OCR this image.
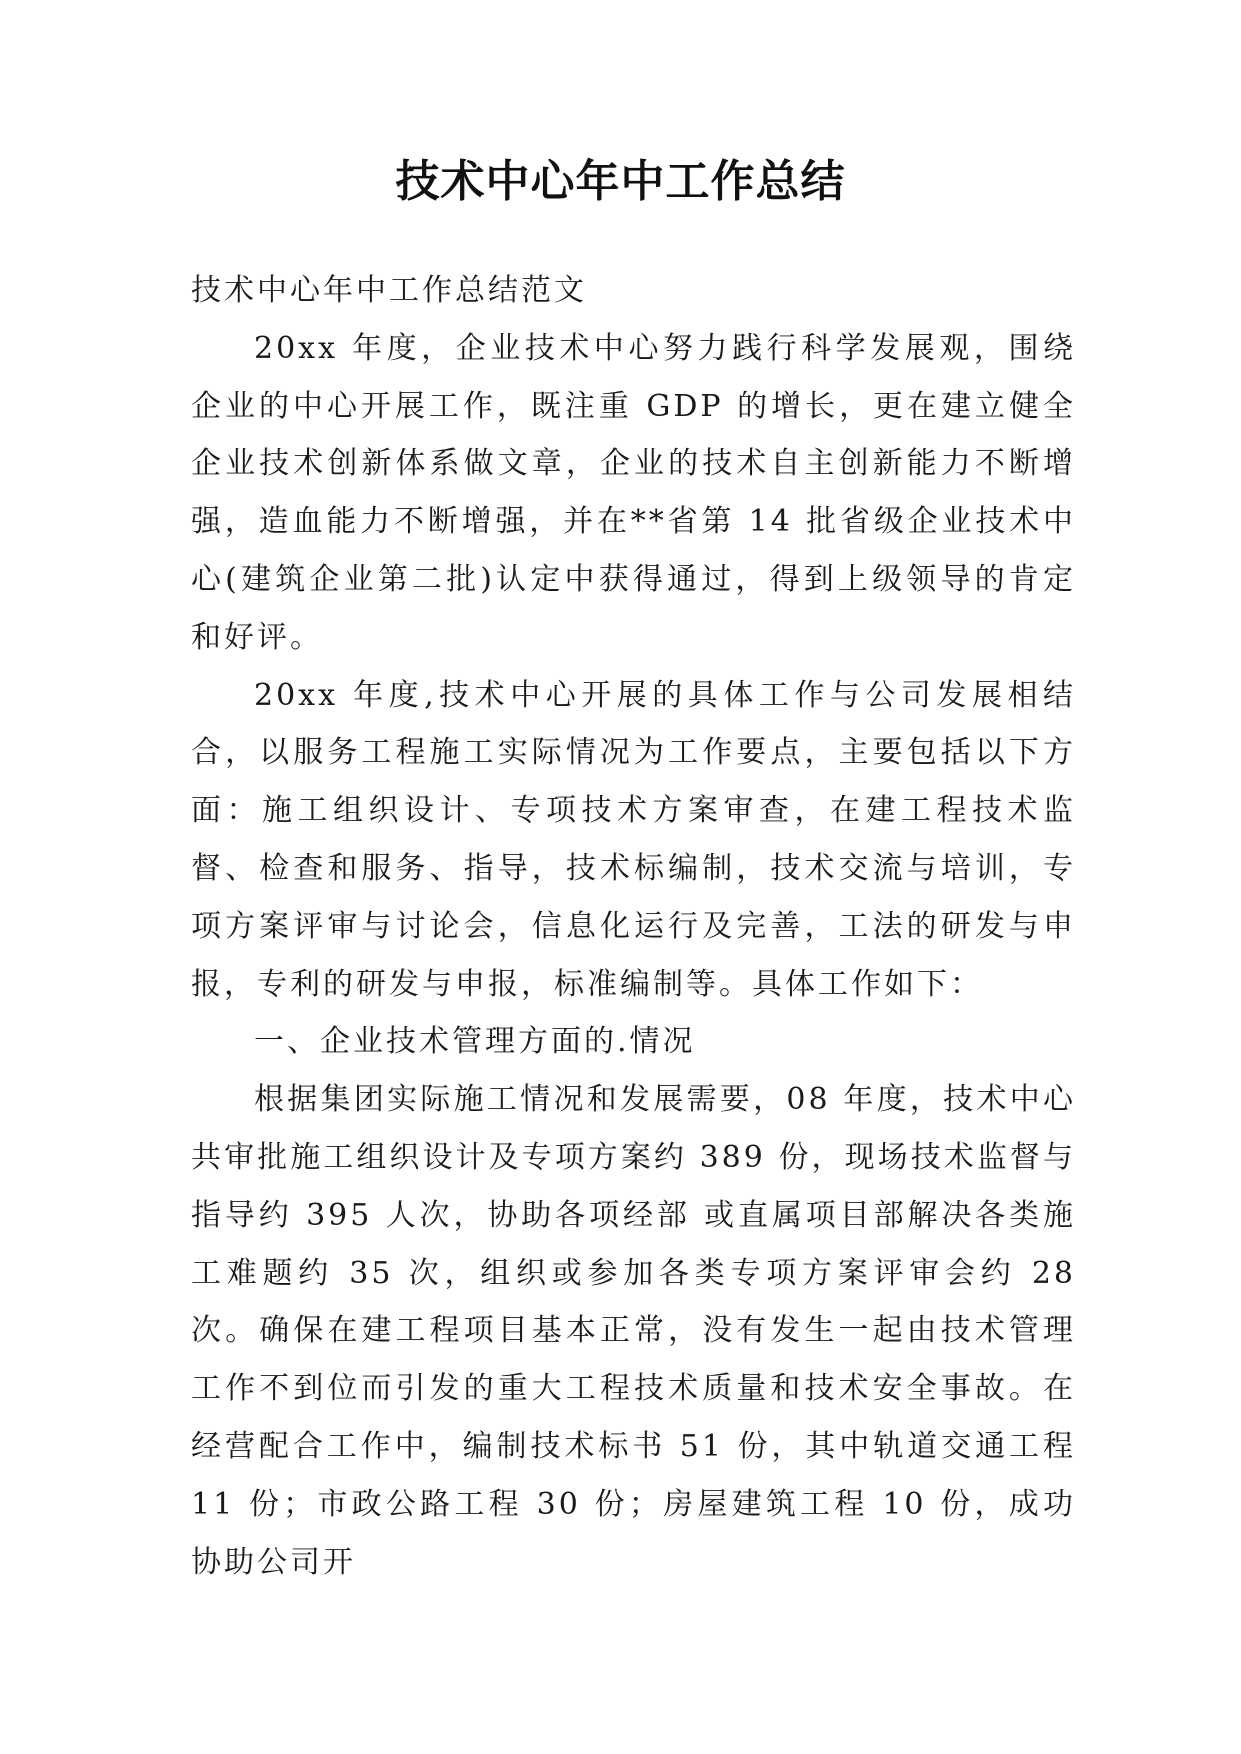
技术中心年中工作总结

技术中心年中工作总结范文

20xx 年度，企业技术中心努力践行科学发展观，围绕企业的中心开展工作，既注重 GDP 的增长，更在建立健全企业技术创新体系做文章，企业的技术自主创新能力不断增强，造血能力不断增强，并在**省第 14 批省级企业技术中心(建筑企业第二批)认定中获得通过，得到上级领导的肯定和好评。

20xx 年度,技术中心开展的具体工作与公司发展相结合，以服务工程施工实际情况为工作要点，主要包括以下方面：施工组织设计、专项技术方案审查，在建工程技术监督、检查和服务、指导，技术标编制，技术交流与培训，专项方案评审与讨论会，信息化运行及完善，工法的研发与申报，专利的研发与申报，标准编制等。具体工作如下：

一、企业技术管理方面的.情况

根据集团实际施工情况和发展需要，08 年度，技术中心共审批施工组织设计及专项方案约 389 份，现场技术监督与指导约 395 人次，协助各项经部 或直属项目部解决各类施工难题约 35 次，组织或参加各类专项方案评审会约 28 次。确保在建工程项目基本正常，没有发生一起由技术管理工作不到位而引发的重大工程技术质量和技术安全事故。在经营配合工作中，编制技术标书 51 份，其中轨道交通工程 11 份；市政公路工程 30 份；房屋建筑工程 10 份，成功协助公司开
